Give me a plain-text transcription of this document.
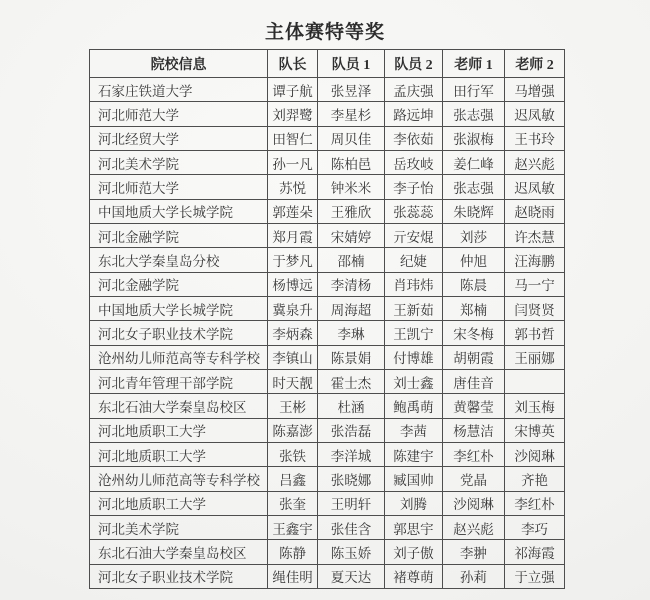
主体赛特等奖
院校信息	队长	队员 1	队员 2	老师 1	老师 2
石家庄铁道大学	谭子航	张昱泽	孟庆强	田行军	马增强
河北师范大学	刘羿鹭	李星杉	路远坤	张志强	迟凤敏
河北经贸大学	田智仁	周贝佳	李依茹	张淑梅	王书玲
河北美术学院	孙一凡	陈柏邑	岳玫岐	姜仁峰	赵兴彪
河北师范大学	苏悦	钟米米	李子怡	张志强	迟凤敏
中国地质大学长城学院	郭莲朵	王雅欣	张蕊蕊	朱晓辉	赵晓雨
河北金融学院	郑月霞	宋婧婷	亓安焜	刘莎	许杰慧
东北大学秦皇岛分校	于梦凡	邵楠	纪婕	仲旭	汪海鹏
河北金融学院	杨博远	李清杨	肖玮炜	陈晨	马一宁
中国地质大学长城学院	冀泉升	周海超	王新茹	郑楠	闫贤贤
河北女子职业技术学院	李炳森	李琳	王凯宁	宋冬梅	郭书哲
沧州幼儿师范高等专科学校	李镇山	陈景娟	付博雄	胡朝霞	王丽娜
河北青年管理干部学院	时天靓	霍士杰	刘士鑫	唐佳音	
东北石油大学秦皇岛校区	王彬	杜涵	鲍禹萌	黄馨莹	刘玉梅
河北地质职工大学	陈嘉澎	张浩磊	李茜	杨慧洁	宋博英
河北地质职工大学	张铁	李洋城	陈建宇	李红朴	沙阅琳
沧州幼儿师范高等专科学校	吕鑫	张晓娜	臧国帅	党晶	齐艳
河北地质职工大学	张奎	王明轩	刘腾	沙阅琳	李红朴
河北美术学院	王鑫宇	张佳含	郭思宇	赵兴彪	李巧
东北石油大学秦皇岛校区	陈静	陈玉娇	刘子傲	李翀	祁海霞
河北女子职业技术学院	绳佳明	夏天达	褚尊萌	孙莉	于立强
